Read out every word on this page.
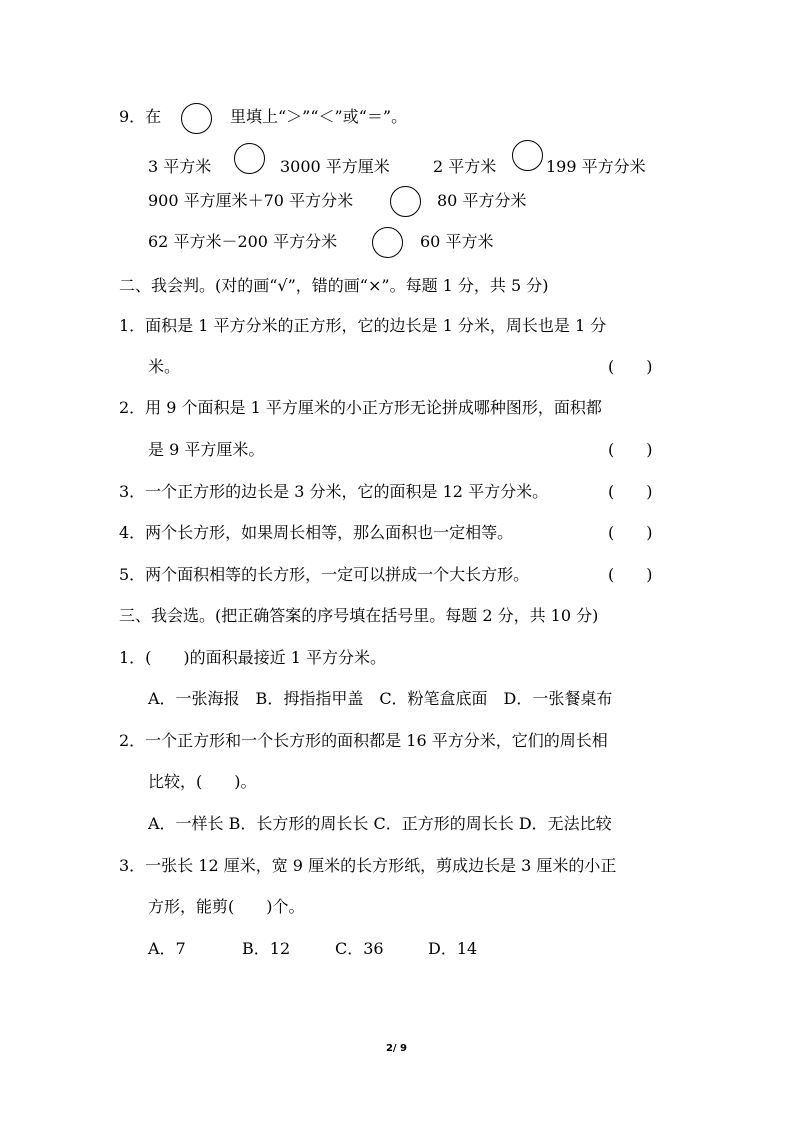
9．在	里填上“＞”“＜”或“＝”。
3 平方米	3000 平方厘米	2 平方米	199 平方分米
900 平方厘米＋70 平方分米	80 平方分米
62 平方米－200 平方分米	60 平方米
二、我会判。(对的画“√”，错的画“×”。每题 1 分，共 5 分)
1．面积是 1 平方分米的正方形，它的边长是 1 分米，周长也是 1 分
米。	(　　)
2．用 9 个面积是 1 平方厘米的小正方形无论拼成哪种图形，面积都
是 9 平方厘米。	(　　)
3．一个正方形的边长是 3 分米，它的面积是 12 平方分米。	(　　)
4．两个长方形，如果周长相等，那么面积也一定相等。	(　　)
5．两个面积相等的长方形，一定可以拼成一个大长方形。	(　　)
三、我会选。(把正确答案的序号填在括号里。每题 2 分，共 10 分)
1．(　　)的面积最接近 1 平方分米。
A．一张海报　B．拇指指甲盖　C．粉笔盒底面　D．一张餐桌布
2．一个正方形和一个长方形的面积都是 16 平方分米，它们的周长相
比较，(　　)。
A．一样长 B．长方形的周长长 C．正方形的周长长 D．无法比较
3．一张长 12 厘米，宽 9 厘米的长方形纸，剪成边长是 3 厘米的小正
方形，能剪(　　)个。
A．7	B．12	C．36	D．14
2/ 9
